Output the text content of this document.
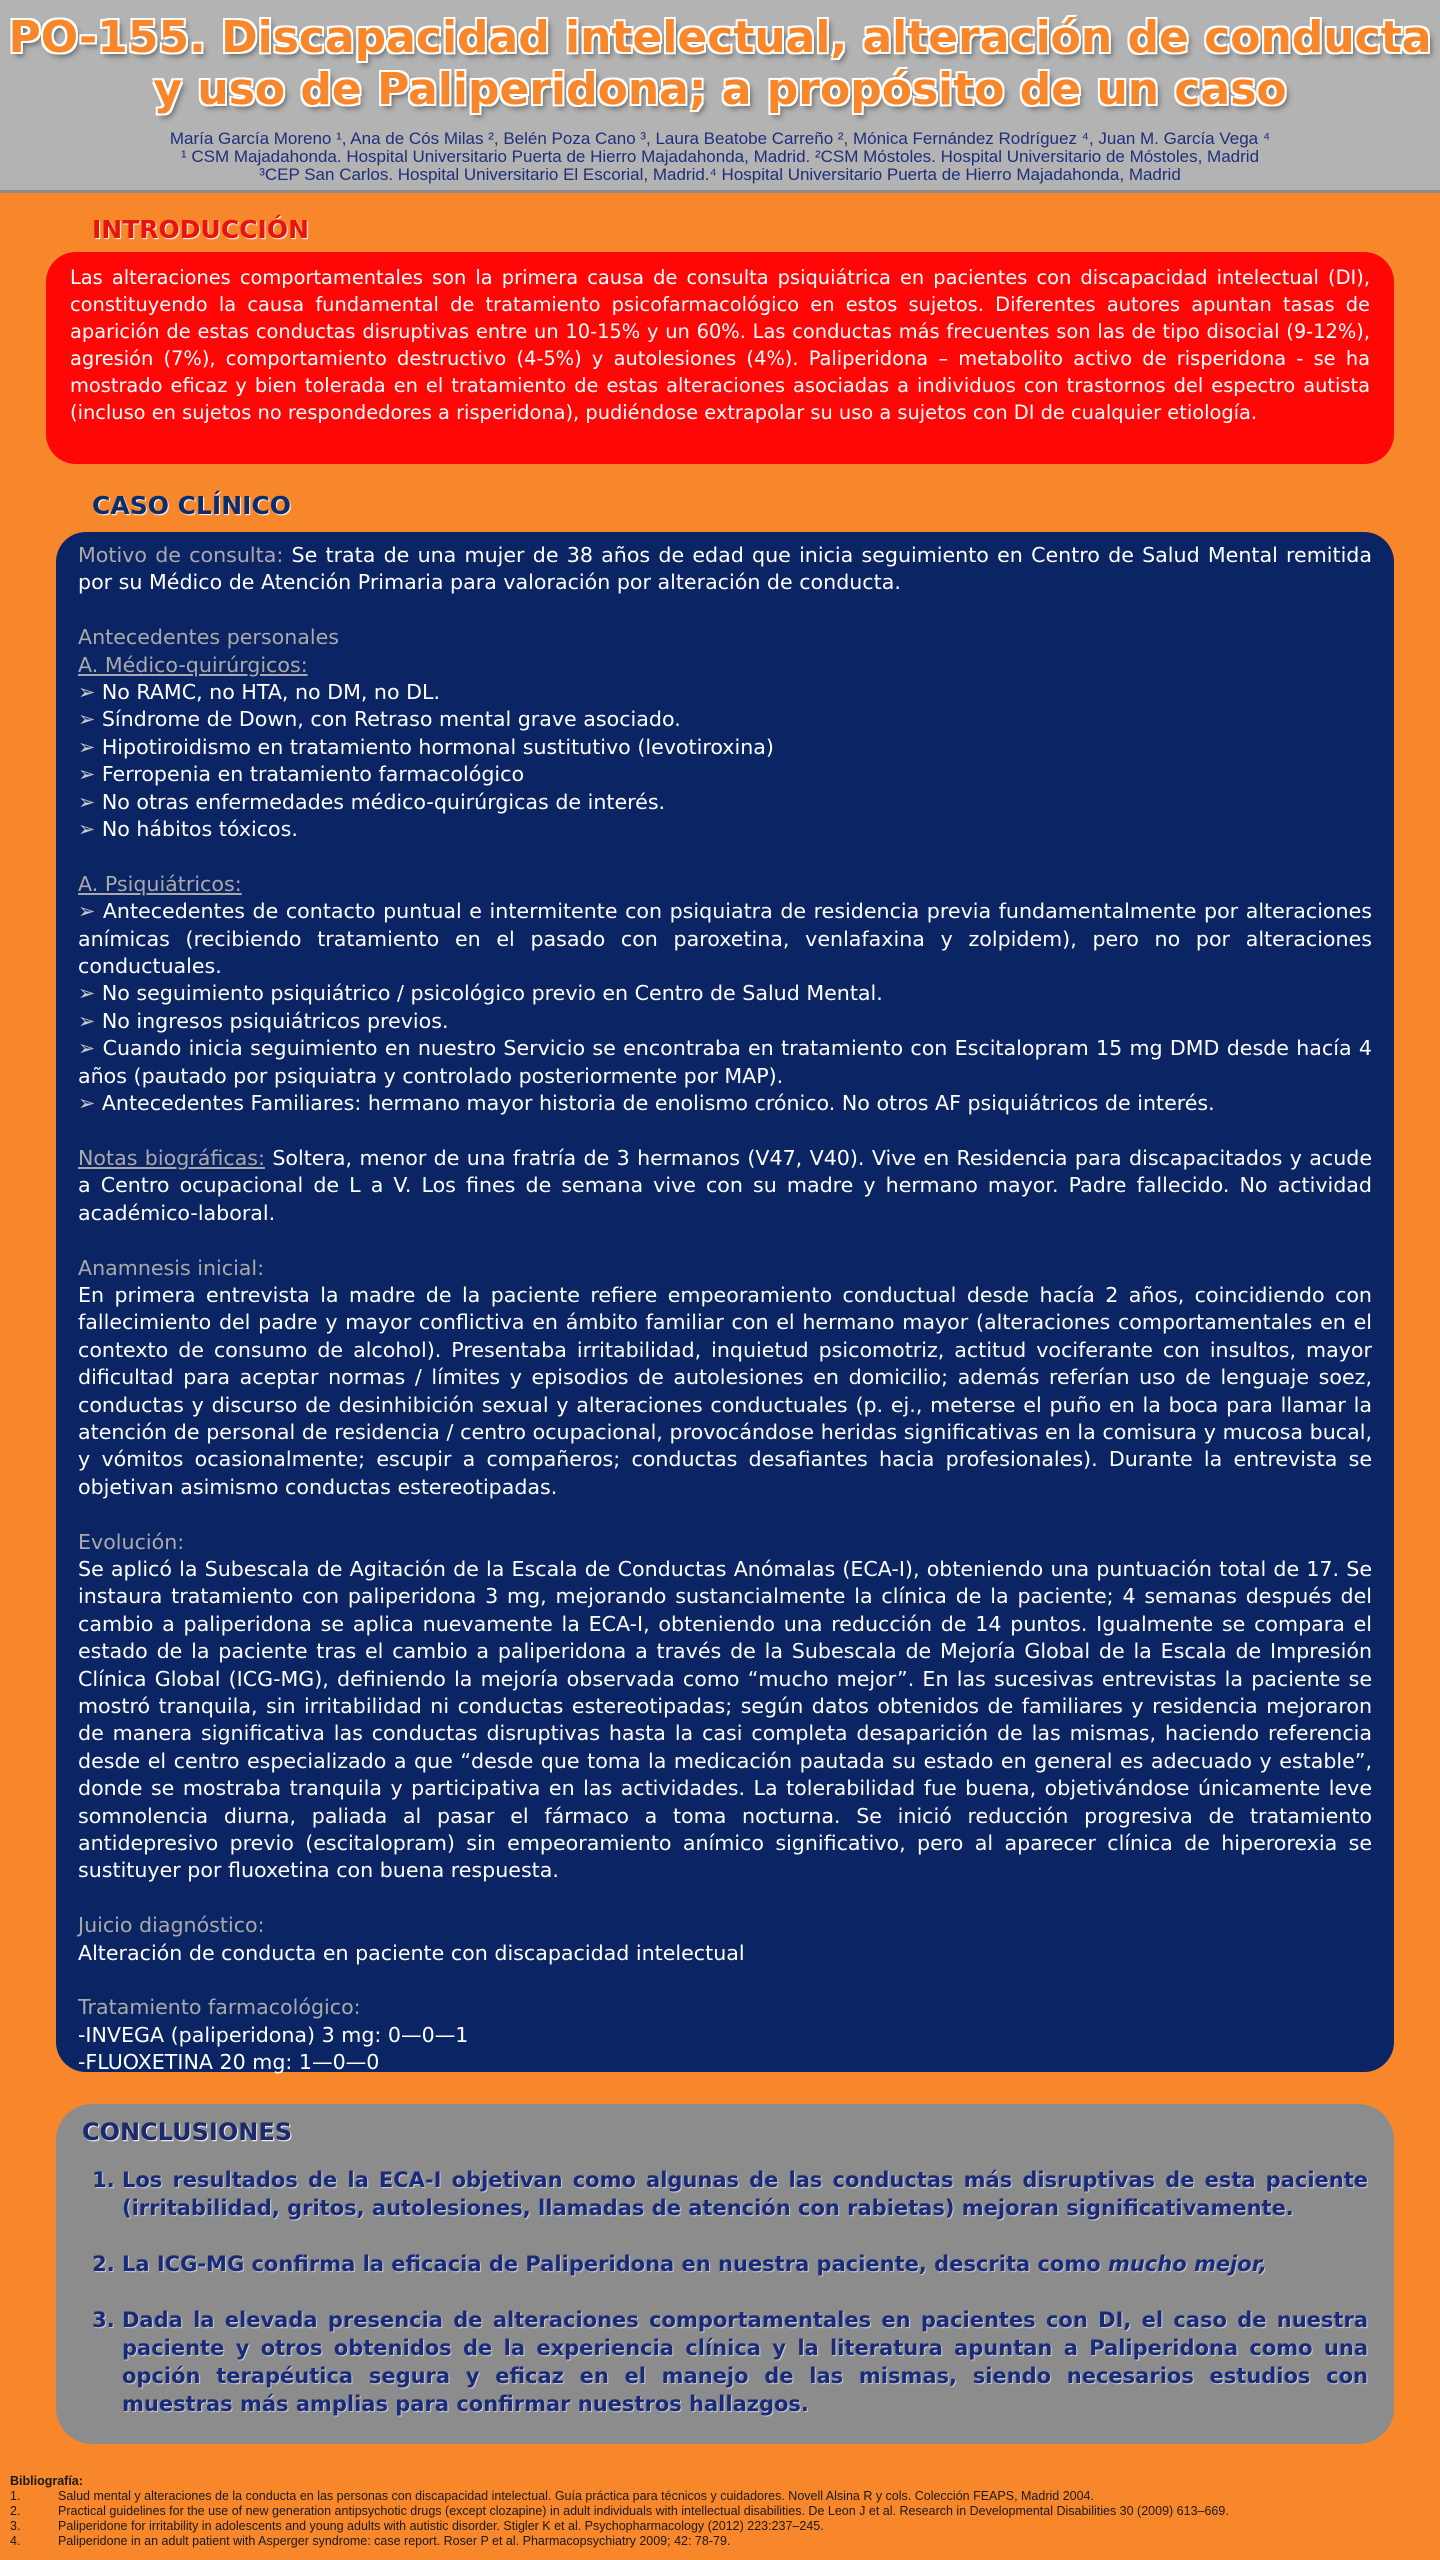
PO-155. Discapacidad intelectual, alteración de conducta
y uso de Paliperidona; a propósito de un caso
María García Moreno ¹, Ana de Cós Milas ², Belén Poza Cano ³, Laura Beatobe Carreño ², Mónica Fernández Rodríguez ⁴, Juan M. García Vega ⁴
¹ CSM Majadahonda. Hospital Universitario Puerta de Hierro Majadahonda, Madrid. ²CSM Móstoles. Hospital Universitario de Móstoles, Madrid
³CEP San Carlos. Hospital Universitario El Escorial, Madrid.⁴ Hospital Universitario Puerta de Hierro Majadahonda, Madrid
INTRODUCCIÓN
Las alteraciones comportamentales son la primera causa de consulta psiquiátrica en pacientes con discapacidad intelectual (DI), constituyendo la causa fundamental de tratamiento psicofarmacológico en estos sujetos. Diferentes autores apuntan tasas de aparición de estas conductas disruptivas entre un 10-15% y un 60%. Las conductas más frecuentes son las de tipo disocial (9-12%), agresión (7%), comportamiento destructivo (4-5%) y autolesiones (4%). Paliperidona – metabolito activo de risperidona - se ha mostrado eficaz y bien tolerada en el tratamiento de estas alteraciones asociadas a individuos con trastornos del espectro autista (incluso en sujetos no respondedores a risperidona), pudiéndose extrapolar su uso a sujetos con DI de cualquier etiología.
CASO CLÍNICO

Motivo de consulta: Se trata de una mujer de 38 años de edad que inicia seguimiento en Centro de Salud Mental remitida por su Médico de Atención Primaria para valoración por alteración de conducta.

Antecedentes personales

A. Médico-quirúrgicos:

➢ No RAMC, no HTA, no DM, no DL.

➢ Síndrome de Down, con Retraso mental grave asociado.

➢ Hipotiroidismo en tratamiento hormonal sustitutivo (levotiroxina)

➢ Ferropenia en tratamiento farmacológico

➢ No otras enfermedades médico-quirúrgicas de interés.

➢ No hábitos tóxicos.

A. Psiquiátricos:

➢ Antecedentes de contacto puntual e intermitente con psiquiatra de residencia previa fundamentalmente por alteraciones anímicas (recibiendo tratamiento en el pasado con paroxetina, venlafaxina y zolpidem), pero no por alteraciones conductuales.

➢ No seguimiento psiquiátrico / psicológico previo en Centro de Salud Mental.

➢ No ingresos psiquiátricos previos.

➢ Cuando inicia seguimiento en nuestro Servicio se encontraba en tratamiento con Escitalopram 15 mg DMD desde hacía 4 años (pautado por psiquiatra y controlado posteriormente por MAP).

➢ Antecedentes Familiares: hermano mayor historia de enolismo crónico. No otros AF psiquiátricos de interés.

Notas biográficas: Soltera, menor de una fratría de 3 hermanos (V47, V40). Vive en Residencia para discapacitados y acude a Centro ocupacional de L a V. Los fines de semana vive con su madre y hermano mayor. Padre fallecido. No actividad académico-laboral.

Anamnesis inicial:

En primera entrevista la madre de la paciente refiere empeoramiento conductual desde hacía 2 años, coincidiendo con fallecimiento del padre y mayor conflictiva en ámbito familiar con el hermano mayor (alteraciones comportamentales en el contexto de consumo de alcohol). Presentaba irritabilidad, inquietud psicomotriz, actitud vociferante con insultos, mayor dificultad para aceptar normas / límites y episodios de autolesiones en domicilio; además referían uso de lenguaje soez, conductas y discurso de desinhibición sexual y alteraciones conductuales (p. ej., meterse el puño en la boca para llamar la atención de personal de residencia / centro ocupacional, provocándose heridas significativas en la comisura y mucosa bucal, y vómitos ocasionalmente; escupir a compañeros; conductas desafiantes hacia profesionales). Durante la entrevista se objetivan asimismo conductas estereotipadas.

Evolución:

Se aplicó la Subescala de Agitación de la Escala de Conductas Anómalas (ECA-I), obteniendo una puntuación total de 17. Se instaura tratamiento con paliperidona 3 mg, mejorando sustancialmente la clínica de la paciente; 4 semanas después del cambio a paliperidona se aplica nuevamente la ECA-I, obteniendo una reducción de 14 puntos. Igualmente se compara el estado de la paciente tras el cambio a paliperidona a través de la Subescala de Mejoría Global de la Escala de Impresión Clínica Global (ICG-MG), definiendo la mejoría observada como “mucho mejor”. En las sucesivas entrevistas la paciente se mostró tranquila, sin irritabilidad ni conductas estereotipadas; según datos obtenidos de familiares y residencia mejoraron de manera significativa las conductas disruptivas hasta la casi completa desaparición de las mismas, haciendo referencia desde el centro especializado a que “desde que toma la medicación pautada su estado en general es adecuado y estable”, donde se mostraba tranquila y participativa en las actividades. La tolerabilidad fue buena, objetivándose únicamente leve somnolencia diurna, paliada al pasar el fármaco a toma nocturna. Se inició reducción progresiva de tratamiento antidepresivo previo (escitalopram) sin empeoramiento anímico significativo, pero al aparecer clínica de hiperorexia se sustituyer por fluoxetina con buena respuesta.

Juicio diagnóstico:

Alteración de conducta en paciente con discapacidad intelectual

Tratamiento farmacológico:

-INVEGA (paliperidona) 3 mg: 0—0—1

-FLUOXETINA 20 mg: 1—0—0

CONCLUSIONES
1. Los resultados de la ECA-I objetivan como algunas de las conductas más disruptivas de esta paciente (irritabilidad, gritos, autolesiones, llamadas de atención con rabietas) mejoran significativamente.
2. La ICG-MG confirma la eficacia de Paliperidona en nuestra paciente, descrita como mucho mejor,
3. Dada la elevada presencia de alteraciones comportamentales en pacientes con DI, el caso de nuestra paciente y otros obtenidos de la experiencia clínica y la literatura apuntan a Paliperidona como una opción terapéutica segura y eficaz en el manejo de las mismas, siendo necesarios estudios con muestras más amplias para confirmar nuestros hallazgos.
Bibliografía:
1.	Salud mental y alteraciones de la conducta en las personas con discapacidad intelectual. Guía práctica para técnicos y cuidadores. Novell Alsina R y cols. Colección FEAPS, Madrid 2004.
2.	Practical guidelines for the use of new generation antipsychotic drugs (except clozapine) in adult individuals with intellectual disabilities. De Leon J et al. Research in Developmental Disabilities 30 (2009) 613–669.
3.	Paliperidone for irritability in adolescents and young adults with autistic disorder. Stigler K et al. Psychopharmacology (2012) 223:237–245.
4.	Paliperidone in an adult patient with Asperger syndrome: case report. Roser P et al. Pharmacopsychiatry 2009; 42: 78-79.
